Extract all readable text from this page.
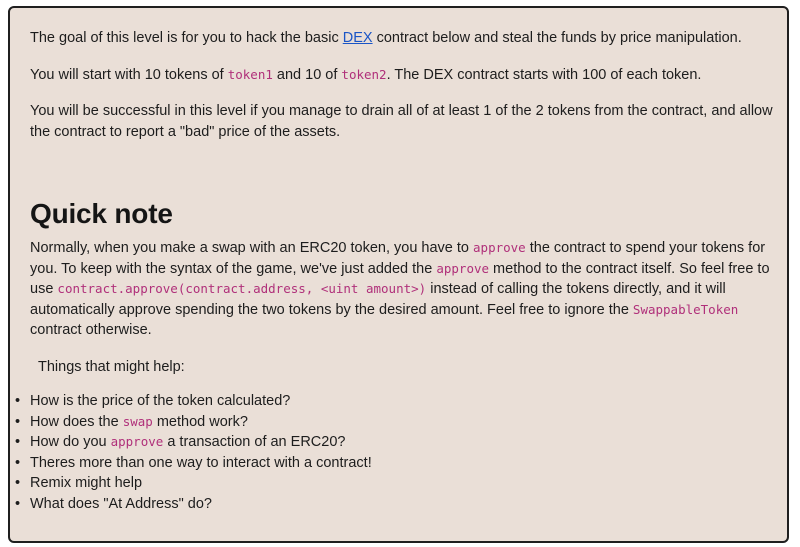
The goal of this level is for you to hack the basic DEX contract below and steal the funds by price manipulation.

You will start with 10 tokens of token1 and 10 of token2. The DEX contract starts with 100 of each token.

You will be successful in this level if you manage to drain all of at least 1 of the 2 tokens from the contract, and allow the contract to report a "bad" price of the assets.

Quick note

Normally, when you make a swap with an ERC20 token, you have to approve the contract to spend your tokens for you. To keep with the syntax of the game, we've just added the approve method to the contract itself. So feel free to use contract.approve(contract.address, <uint amount>) instead of calling the tokens directly, and it will automatically approve spending the two tokens by the desired amount. Feel free to ignore the SwappableToken contract otherwise.

Things that might help:

• How is the price of the token calculated?
• How does the swap method work?
• How do you approve a transaction of an ERC20?
• Theres more than one way to interact with a contract!
• Remix might help
• What does "At Address" do?
